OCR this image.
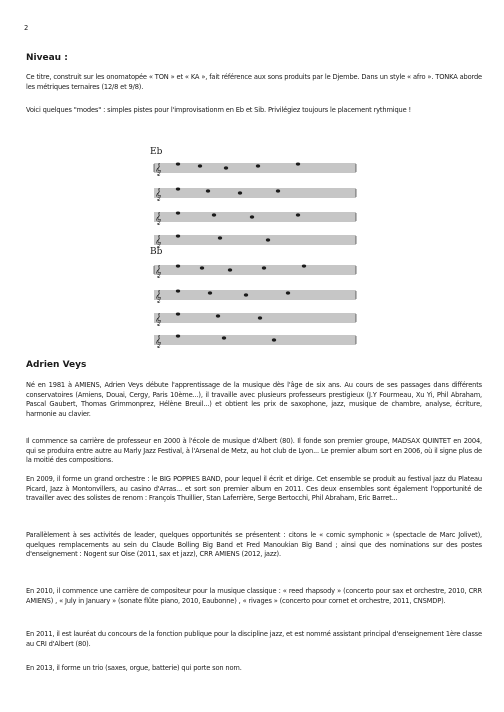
2
Niveau :
Ce titre, construit sur les onomatopée « TON » et « KA », fait référence aux sons produits par le Djembe. Dans un style « afro ». TONKA aborde les métriques ternaires (12/8 et 9/8).
Voici quelques "modes" : simples pistes pour l'improvisationm en Eb et Sib. Privilégiez toujours le placement rythmique !
Eb
Bb
𝄞
𝄞
𝄞
𝄞
𝄞
𝄞
𝄞
𝄞
Adrien Veys
Né en 1981 à AMIENS, Adrien Veys débute l'apprentissage de la musique dès l'âge de six ans. Au cours de ses passages dans différents conservatoires (Amiens, Douai, Cergy, Paris 10ème...), il travaille avec plusieurs professeurs prestigieux (J.Y Fourmeau, Xu Yi, Phil Abraham, Pascal Gaubert, Thomas Grimmonprez, Hélène Breuil...) et obtient les prix de saxophone, jazz, musique de chambre, analyse, écriture, harmonie au clavier.
Il commence sa carrière de professeur en 2000 à l'école de musique d'Albert (80). Il fonde son premier groupe, MADSAX QUINTET en 2004, qui se produira entre autre au Marly Jazz Festival, à l'Arsenal de Metz, au hot club de Lyon... Le premier album sort en 2006, où il signe plus de la moitié des compositions.
En 2009, il forme un grand orchestre : le BIG POPPIES BAND, pour lequel il écrit et dirige. Cet ensemble se produit au festival jazz du Plateau Picard, Jazz à Montonvillers, au casino d'Arras... et sort son premier album en 2011. Ces deux ensembles sont également l'opportunité de travailler avec des solistes de renom : François Thuillier, Stan Laferrière, Serge Bertocchi, Phil Abraham, Eric Barret...
Parallèlement à ses activités de leader, quelques opportunités se présentent : citons le « comic symphonic » (spectacle de Marc Jolivet), quelques remplacements au sein du Claude Bolling Big Band et Fred Manoukian Big Band ; ainsi que des nominations sur des postes d'enseignement : Nogent sur Oise (2011, sax et jazz), CRR AMIENS (2012, jazz).
En 2010, il commence une carrière de compositeur pour la musique classique : « reed rhapsody » (concerto pour sax et orchestre, 2010, CRR AMIENS) , « July in January » (sonate flûte piano, 2010, Eaubonne) , « rivages » (concerto pour cornet et orchestre, 2011, CNSMDP).
En 2011, il est lauréat du concours de la fonction publique pour la discipline jazz, et est nommé assistant principal d'enseignement 1ère classe au CRI d'Albert (80).
En 2013, il forme un trio (saxes, orgue, batterie) qui porte son nom.
